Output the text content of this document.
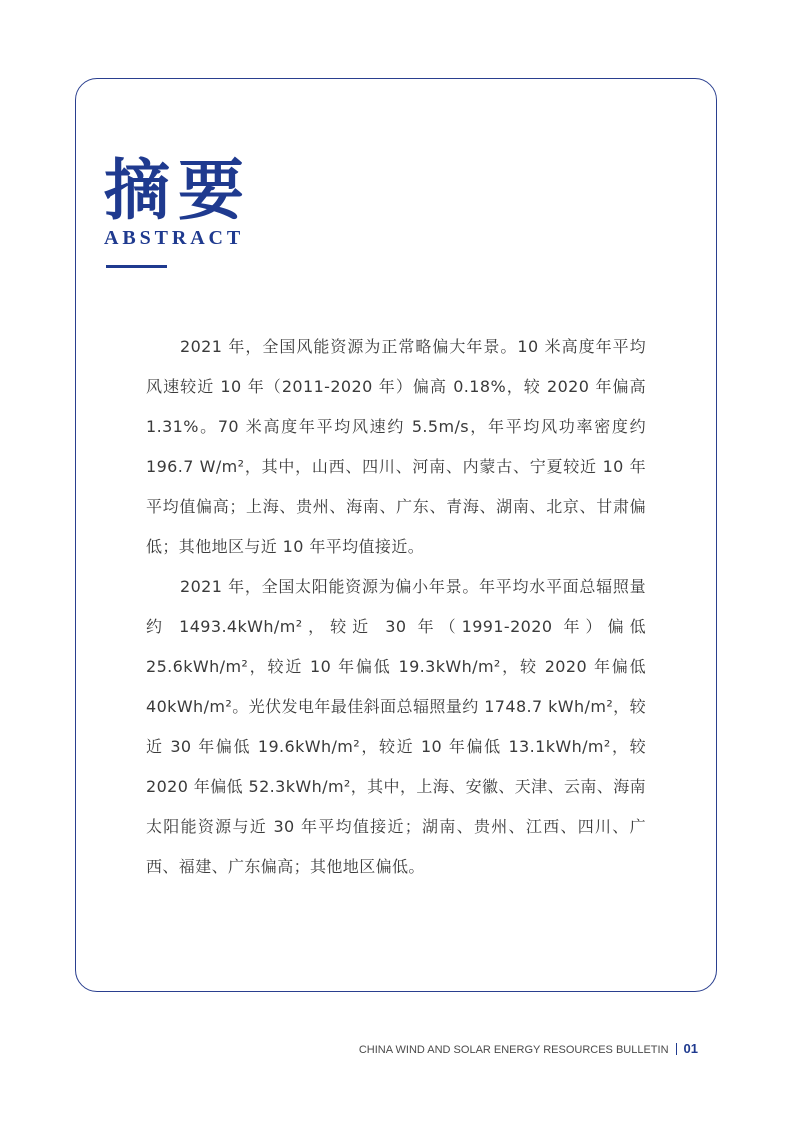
摘要
ABSTRACT

2021 年，全国风能资源为正常略偏大年景。10 米高度年平均风速较近 10 年（2011-2020 年）偏高 0.18%，较 2020 年偏高 1.31%。70 米高度年平均风速约 5.5m/s，年平均风功率密度约 196.7 W/m²，其中，山西、四川、河南、内蒙古、宁夏较近 10 年平均值偏高；上海、贵州、海南、广东、青海、湖南、北京、甘肃偏低；其他地区与近 10 年平均值接近。

2021 年，全国太阳能资源为偏小年景。年平均水平面总辐照量约 1493.4kWh/m²，较近 30 年（1991-2020 年）偏低 25.6kWh/m²，较近 10 年偏低 19.3kWh/m²，较 2020 年偏低 40kWh/m²。光伏发电年最佳斜面总辐照量约 1748.7 kWh/m²，较近 30 年偏低 19.6kWh/m²，较近 10 年偏低 13.1kWh/m²，较 2020 年偏低 52.3kWh/m²，其中，上海、安徽、天津、云南、海南太阳能资源与近 30 年平均值接近；湖南、贵州、江西、四川、广西、福建、广东偏高；其他地区偏低。

CHINA WIND AND SOLAR ENERGY RESOURCES BULLETIN 01
